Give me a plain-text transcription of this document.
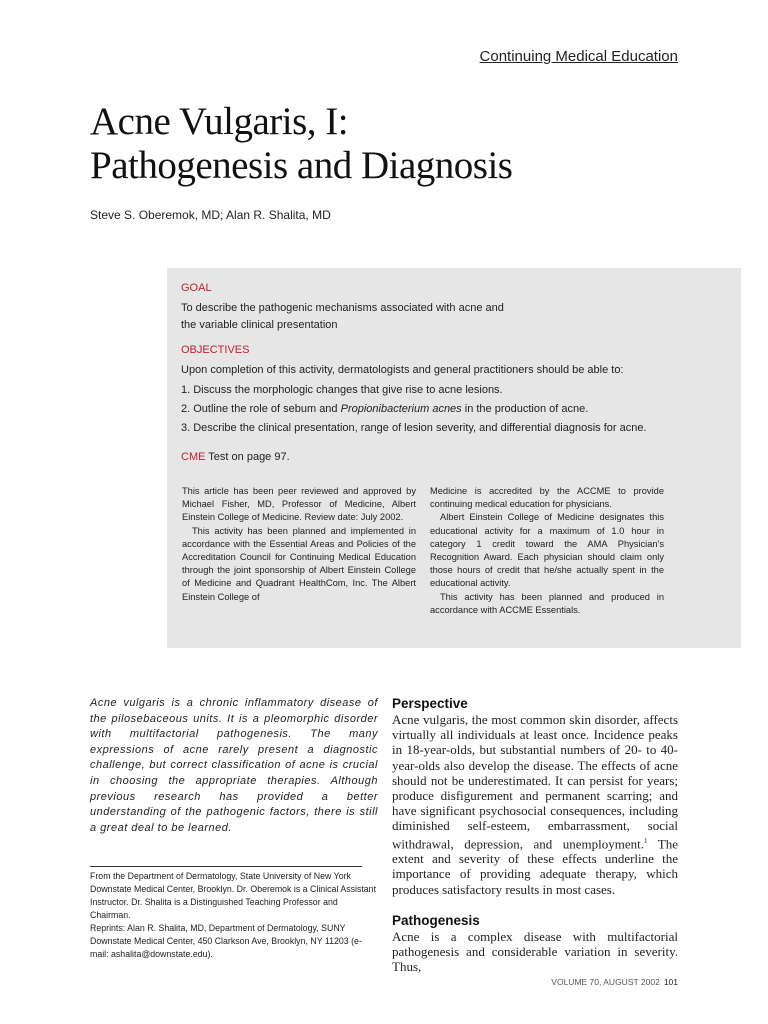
Continuing Medical Education
Acne Vulgaris, I:
Pathogenesis and Diagnosis
Steve S. Oberemok, MD; Alan R. Shalita, MD

GOAL

To describe the pathogenic mechanisms associated with acne and

the variable clinical presentation

OBJECTIVES

Upon completion of this activity, dermatologists and general practitioners should be able to:

1. Discuss the morphologic changes that give rise to acne lesions.
2. Outline the role of sebum and Propionibacterium acnes in the production of acne.
3. Describe the clinical presentation, range of lesion severity, and differential diagnosis for acne.
CME Test on page 97.

This article has been peer reviewed and approved by Michael Fisher, MD, Professor of Medicine, Albert Einstein College of Medicine. Review date: July 2002.

This activity has been planned and implemented in accordance with the Essential Areas and Policies of the Accreditation Council for Continuing Medical Education through the joint sponsorship of Albert Einstein College of Medicine and Quadrant HealthCom, Inc. The Albert Einstein College of

Medicine is accredited by the ACCME to provide continuing medical education for physicians.

Albert Einstein College of Medicine designates this educational activity for a maximum of 1.0 hour in category 1 credit toward the AMA Physician's Recognition Award. Each physician should claim only those hours of credit that he/she actually spent in the educational activity.

This activity has been planned and produced in accordance with ACCME Essentials.

Acne vulgaris is a chronic inflammatory disease of the pilosebaceous units. It is a pleomorphic disorder with multifactorial pathogenesis. The many expressions of acne rarely present a diagnostic challenge, but correct classification of acne is crucial in choosing the appropriate therapies. Although previous research has provided a better understanding of the pathogenic factors, there is still a great deal to be learned.

From the Department of Dermatology, State University of New York Downstate Medical Center, Brooklyn. Dr. Oberemok is a Clinical Assistant Instructor. Dr. Shalita is a Distinguished Teaching Professor and Chairman.

Reprints: Alan R. Shalita, MD, Department of Dermatology, SUNY Downstate Medical Center, 450 Clarkson Ave, Brooklyn, NY 11203 (e-mail: ashalita@downstate.edu).

Perspective

Acne vulgaris, the most common skin disorder, affects virtually all individuals at least once. Incidence peaks in 18-year-olds, but substantial numbers of 20- to 40-year-olds also develop the disease. The effects of acne should not be underestimated. It can persist for years; produce disfigurement and permanent scarring; and have significant psychosocial consequences, including diminished self-esteem, embarrassment, social withdrawal, depression, and unemployment.$^1$ The extent and severity of these effects underline the importance of providing adequate therapy, which produces satisfactory results in most cases.

Pathogenesis

Acne is a complex disease with multifactorial pathogenesis and considerable variation in severity. Thus,

VOLUME 70, AUGUST 2002 101
